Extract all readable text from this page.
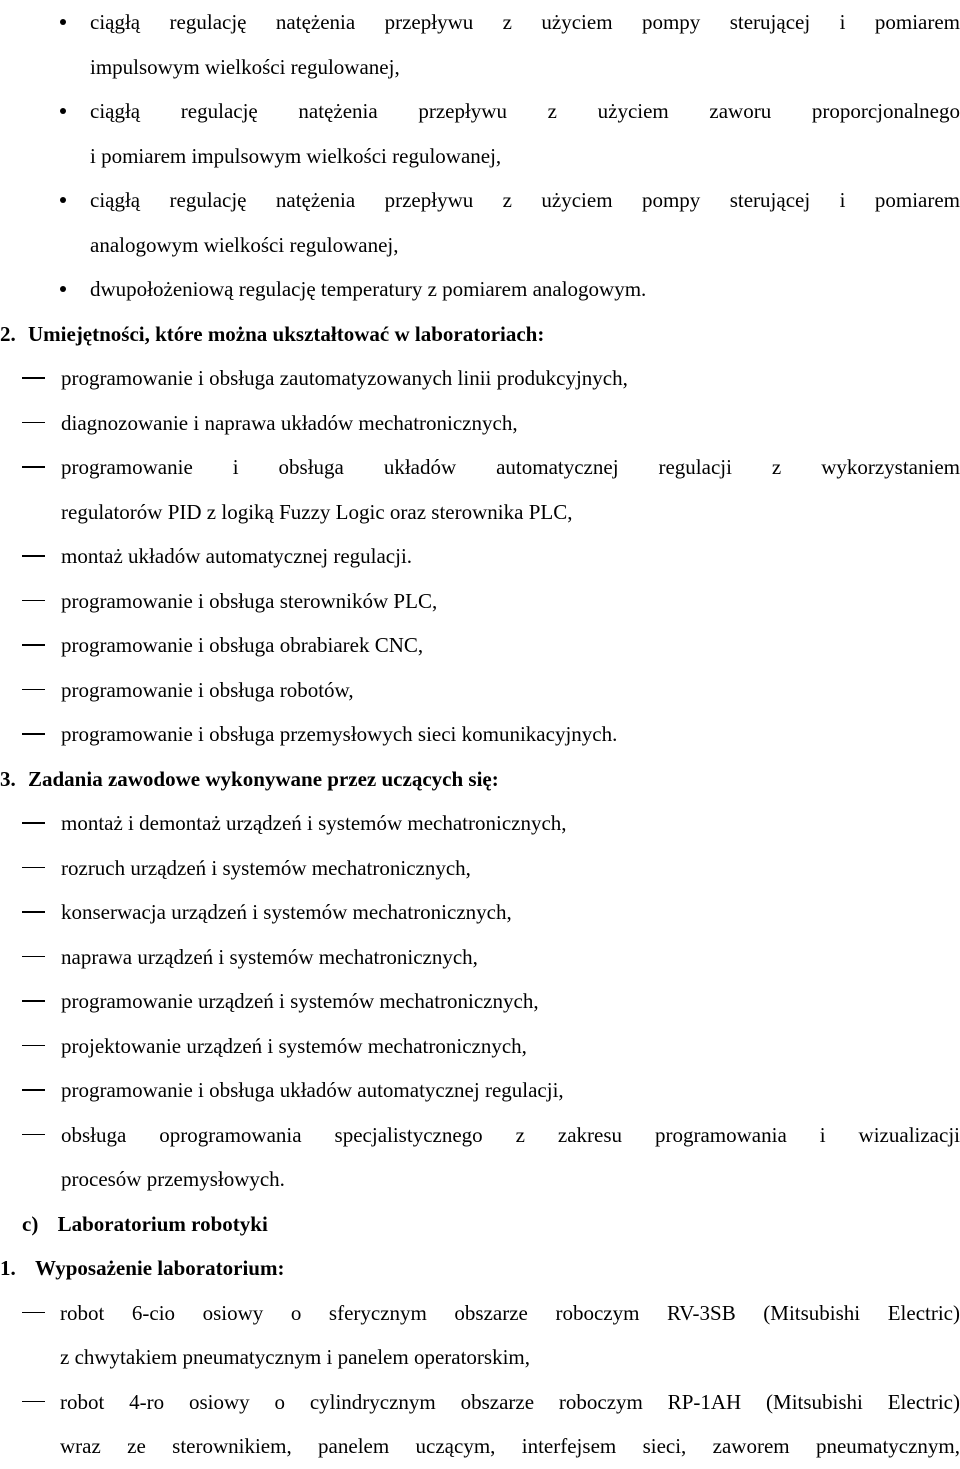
ciągłą regulację natężenia przepływu z użyciem pompy sterującej i pomiarem
impulsowym wielkości regulowanej,
ciągłą regulację natężenia przepływu z użyciem zaworu proporcjonalnego
i pomiarem impulsowym wielkości regulowanej,
ciągłą regulację natężenia przepływu z użyciem pompy sterującej i pomiarem
analogowym wielkości regulowanej,
dwupołożeniową regulację temperatury z pomiarem analogowym.
2. Umiejętności, które można ukształtować w laboratoriach:
programowanie i obsługa zautomatyzowanych linii produkcyjnych,
diagnozowanie i naprawa układów mechatronicznych,
programowanie i obsługa układów automatycznej regulacji z wykorzystaniem
regulatorów PID z logiką Fuzzy Logic oraz sterownika PLC,
montaż układów automatycznej regulacji.
programowanie i obsługa sterowników PLC,
programowanie i obsługa obrabiarek CNC,
programowanie i obsługa robotów,
programowanie i obsługa przemysłowych sieci komunikacyjnych.
3. Zadania zawodowe wykonywane przez uczących się:
montaż i demontaż urządzeń i systemów mechatronicznych,
rozruch urządzeń i systemów mechatronicznych,
konserwacja urządzeń i systemów mechatronicznych,
naprawa urządzeń i systemów mechatronicznych,
programowanie urządzeń i systemów mechatronicznych,
projektowanie urządzeń i systemów mechatronicznych,
programowanie i obsługa układów automatycznej regulacji,
obsługa oprogramowania specjalistycznego z zakresu programowania i wizualizacji
procesów przemysłowych.
c) Laboratorium robotyki
1. Wyposażenie laboratorium:
robot 6-cio osiowy o sferycznym obszarze roboczym RV-3SB (Mitsubishi Electric)
z chwytakiem pneumatycznym i panelem operatorskim,
robot 4-ro osiowy o cylindrycznym obszarze roboczym RP-1AH (Mitsubishi Electric)
wraz ze sterownikiem, panelem uczącym, interfejsem sieci, zaworem pneumatycznym,
